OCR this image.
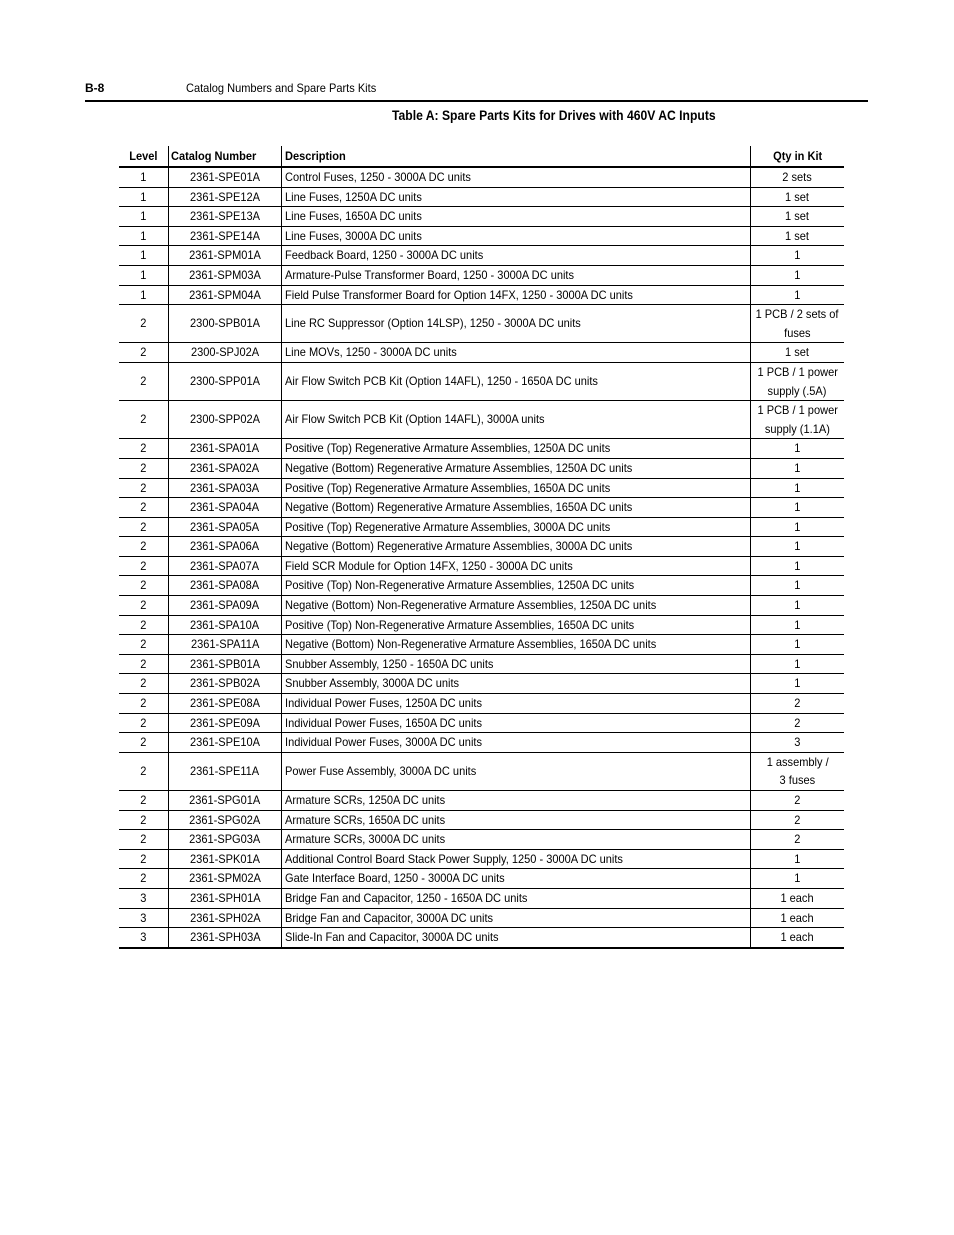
B-8	Catalog Numbers and Spare Parts Kits
Table A: Spare Parts Kits for Drives with 460V AC Inputs
Level	Catalog Number	Description	Qty in Kit
1	2361-SPE01A	Control Fuses, 1250 - 3000A DC units	2 sets
1	2361-SPE12A	Line Fuses, 1250A DC units	1 set
1	2361-SPE13A	Line Fuses, 1650A DC units	1 set
1	2361-SPE14A	Line Fuses, 3000A DC units	1 set
1	2361-SPM01A	Feedback Board, 1250 - 3000A DC units	1
1	2361-SPM03A	Armature-Pulse Transformer Board, 1250 - 3000A DC units	1
1	2361-SPM04A	Field Pulse Transformer Board for Option 14FX, 1250 - 3000A DC units	1
2	2300-SPB01A	Line RC Suppressor (Option 14LSP), 1250 - 3000A DC units	1 PCB / 2 sets of
fuses
2	2300-SPJ02A	Line MOVs, 1250 - 3000A DC units	1 set
2	2300-SPP01A	Air Flow Switch PCB Kit (Option 14AFL), 1250 - 1650A DC units	1 PCB / 1 power
supply (.5A)
2	2300-SPP02A	Air Flow Switch PCB Kit (Option 14AFL), 3000A units	1 PCB / 1 power
supply (1.1A)
2	2361-SPA01A	Positive (Top) Regenerative Armature Assemblies, 1250A DC units	1
2	2361-SPA02A	Negative (Bottom) Regenerative Armature Assemblies, 1250A DC units	1
2	2361-SPA03A	Positive (Top) Regenerative Armature Assemblies, 1650A DC units	1
2	2361-SPA04A	Negative (Bottom) Regenerative Armature Assemblies, 1650A DC units	1
2	2361-SPA05A	Positive (Top) Regenerative Armature Assemblies, 3000A DC units	1
2	2361-SPA06A	Negative (Bottom) Regenerative Armature Assemblies, 3000A DC units	1
2	2361-SPA07A	Field SCR Module for Option 14FX, 1250 - 3000A DC units	1
2	2361-SPA08A	Positive (Top) Non-Regenerative Armature Assemblies, 1250A DC units	1
2	2361-SPA09A	Negative (Bottom) Non-Regenerative Armature Assemblies, 1250A DC units	1
2	2361-SPA10A	Positive (Top) Non-Regenerative Armature Assemblies, 1650A DC units	1
2	2361-SPA11A	Negative (Bottom) Non-Regenerative Armature Assemblies, 1650A DC units	1
2	2361-SPB01A	Snubber Assembly, 1250 - 1650A DC units	1
2	2361-SPB02A	Snubber Assembly, 3000A DC units	1
2	2361-SPE08A	Individual Power Fuses, 1250A DC units	2
2	2361-SPE09A	Individual Power Fuses, 1650A DC units	2
2	2361-SPE10A	Individual Power Fuses, 3000A DC units	3
2	2361-SPE11A	Power Fuse Assembly, 3000A DC units	1 assembly /
3 fuses
2	2361-SPG01A	Armature SCRs, 1250A DC units	2
2	2361-SPG02A	Armature SCRs, 1650A DC units	2
2	2361-SPG03A	Armature SCRs, 3000A DC units	2
2	2361-SPK01A	Additional Control Board Stack Power Supply, 1250 - 3000A DC units	1
2	2361-SPM02A	Gate Interface Board, 1250 - 3000A DC units	1
3	2361-SPH01A	Bridge Fan and Capacitor, 1250 - 1650A DC units	1 each
3	2361-SPH02A	Bridge Fan and Capacitor, 3000A DC units	1 each
3	2361-SPH03A	Slide-In Fan and Capacitor, 3000A DC units	1 each
